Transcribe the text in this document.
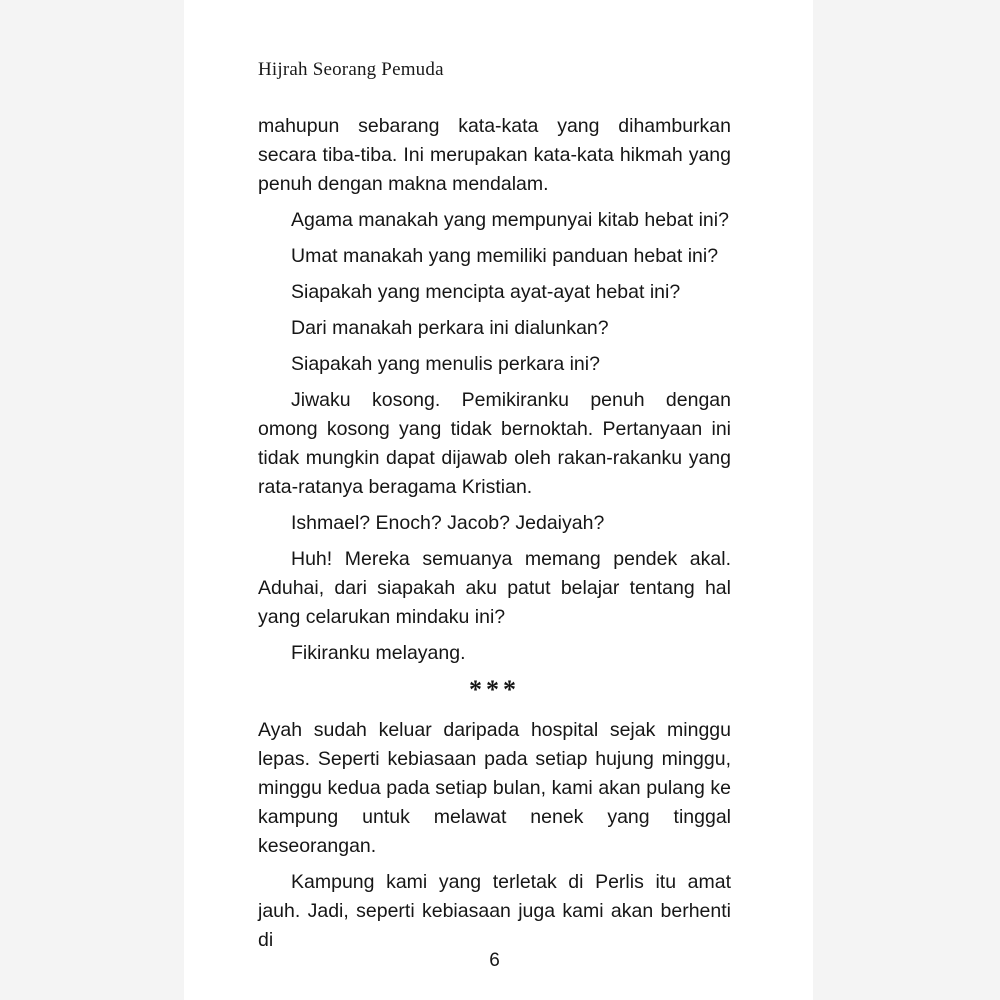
Hijrah Seorang Pemuda

mahupun sebarang kata-kata yang dihamburkan secara tiba-tiba. Ini merupakan kata-kata hikmah yang penuh dengan makna mendalam.

Agama manakah yang mempunyai kitab hebat ini?

Umat manakah yang memiliki panduan hebat ini?

Siapakah yang mencipta ayat-ayat hebat ini?

Dari manakah perkara ini dialunkan?

Siapakah yang menulis perkara ini?

Jiwaku kosong. Pemikiranku penuh dengan omong kosong yang tidak bernoktah. Pertanyaan ini tidak mungkin dapat dijawab oleh rakan-rakanku yang rata-ratanya beragama Kristian.

Ishmael? Enoch? Jacob? Jedaiyah?

Huh! Mereka semuanya memang pendek akal. Aduhai, dari siapakah aku patut belajar tentang hal yang celarukan mindaku ini?

Fikiranku melayang.

***

Ayah sudah keluar daripada hospital sejak minggu lepas. Seperti kebiasaan pada setiap hujung minggu, minggu kedua pada setiap bulan, kami akan pulang ke kampung untuk melawat nenek yang tinggal keseorangan.

Kampung kami yang terletak di Perlis itu amat jauh. Jadi, seperti kebiasaan juga kami akan berhenti di

6
